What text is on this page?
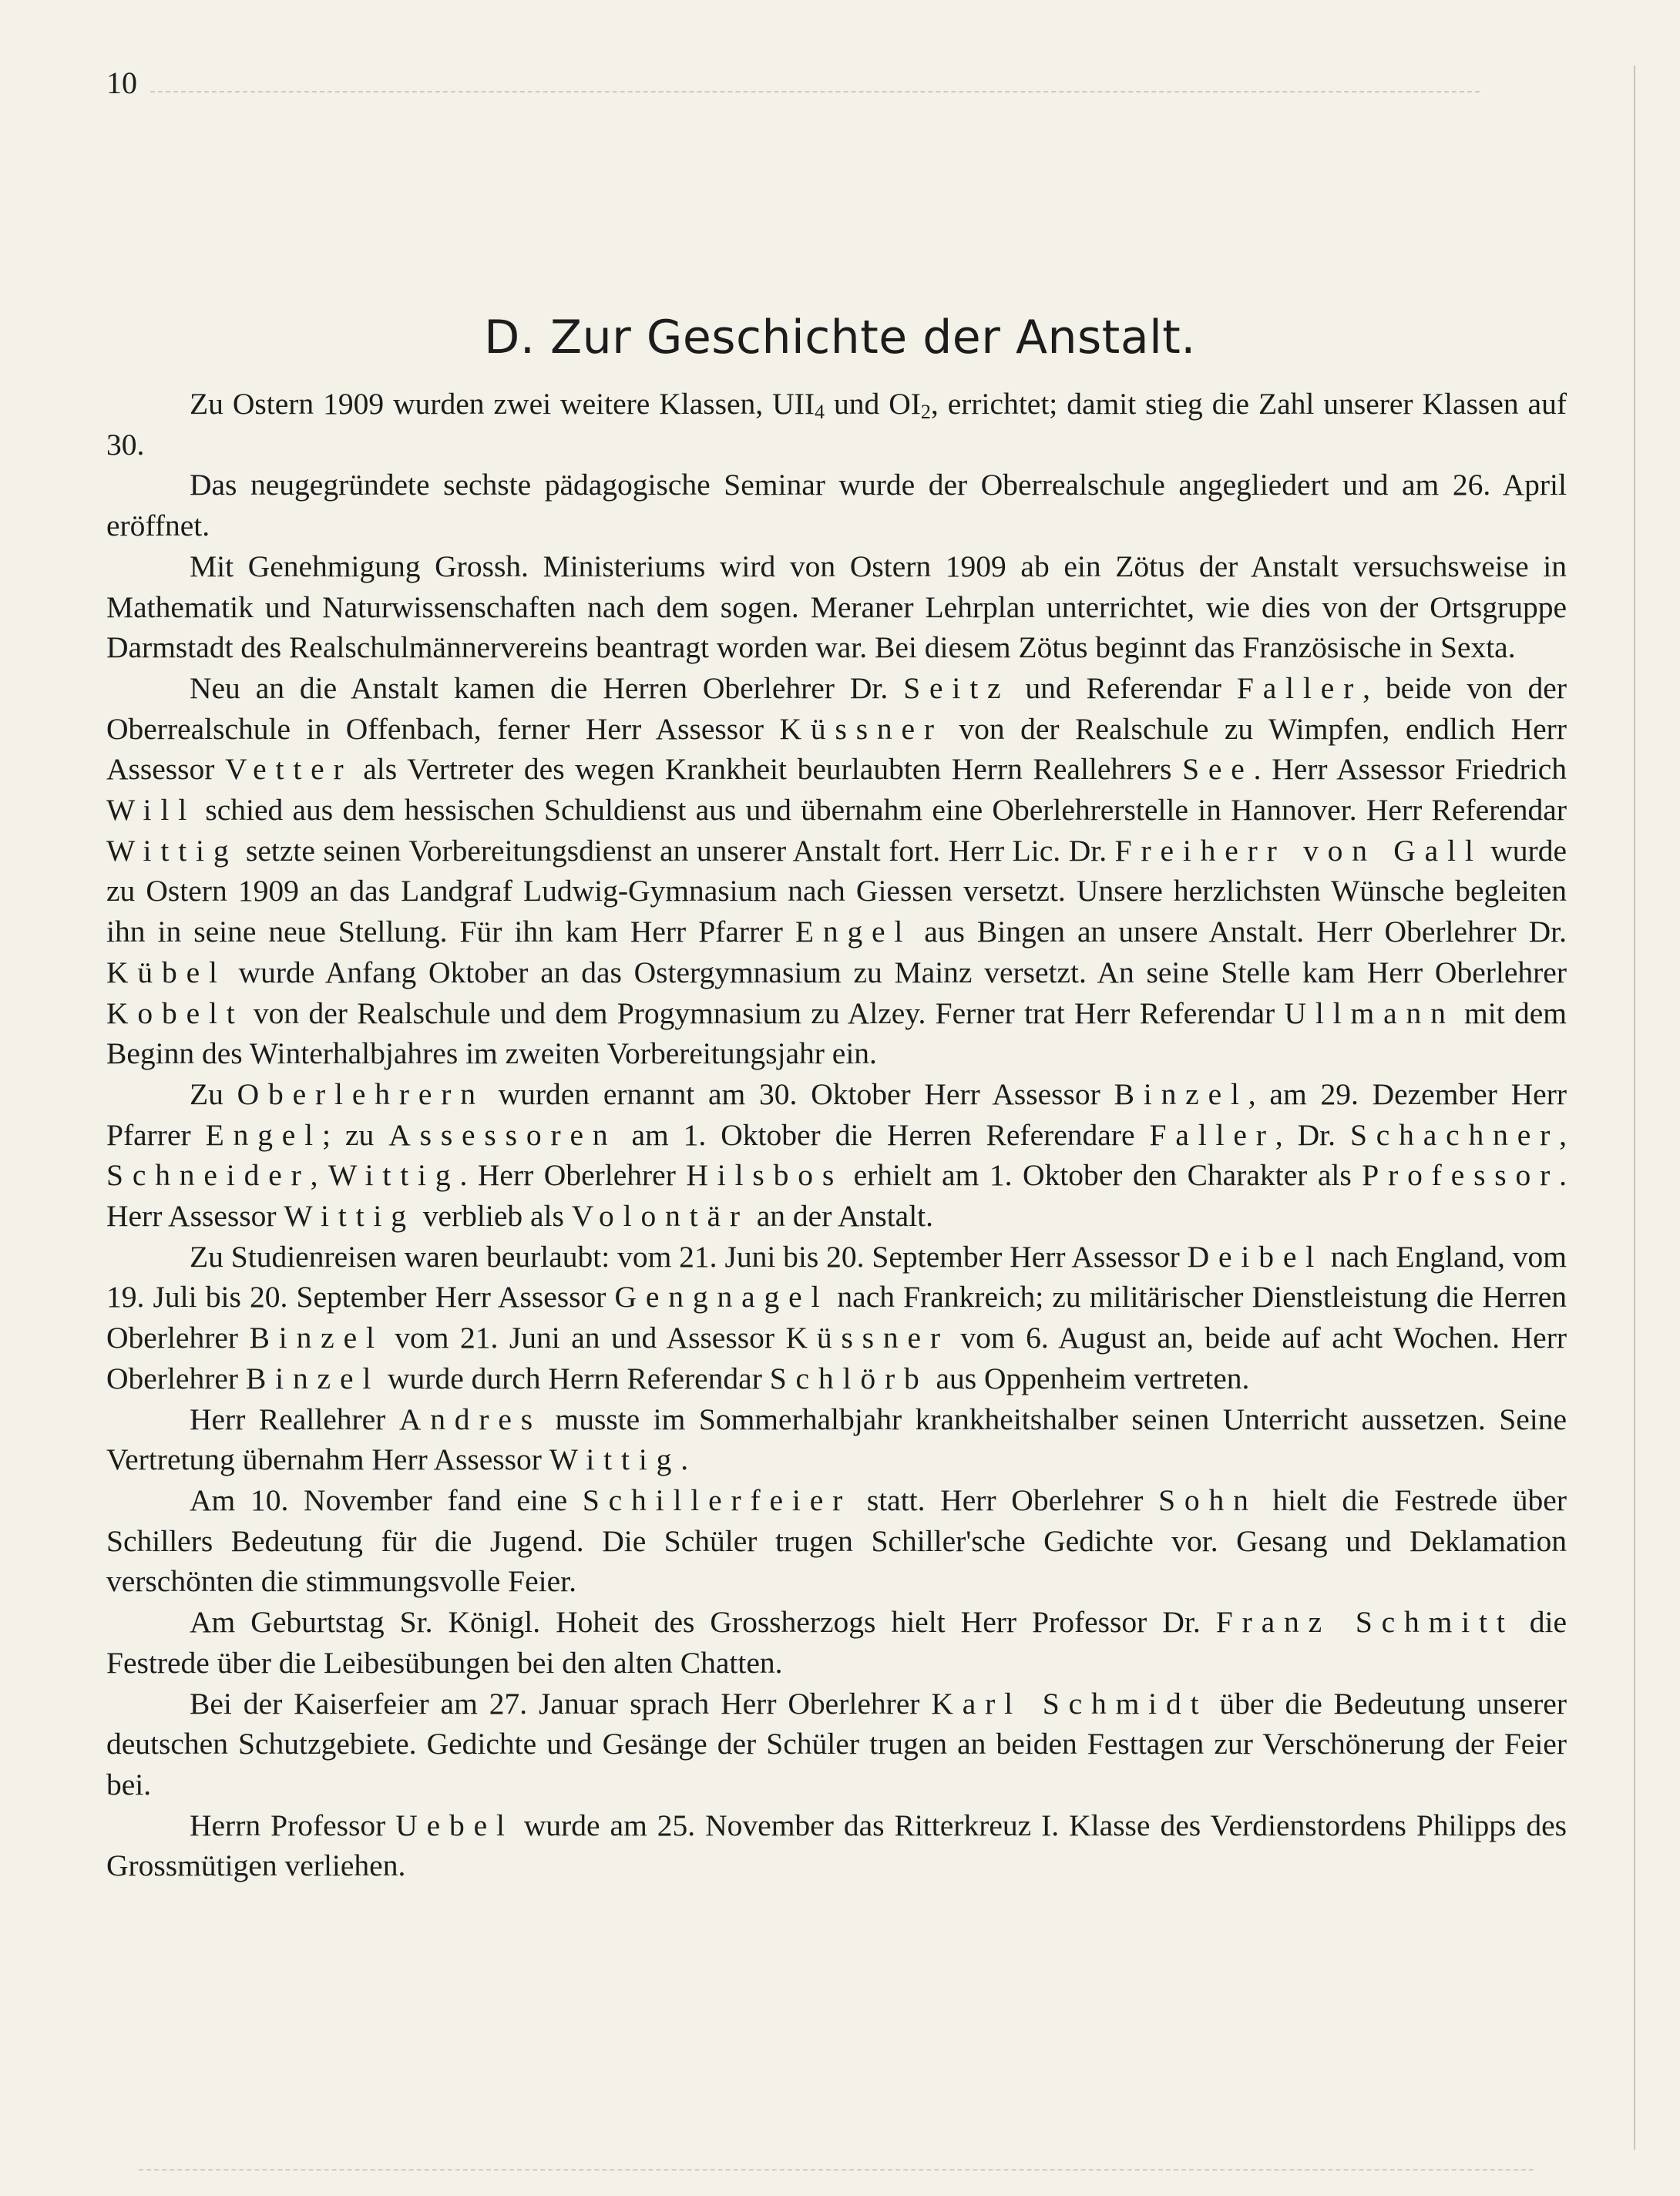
10
D. Zur Geschichte der Anstalt.

Zu Ostern 1909 wurden zwei weitere Klassen, $UII_4$ und $OI_2$, errichtet; damit stieg die Zahl unserer Klassen auf 30.

Das neugegründete sechste pädagogische Seminar wurde der Oberrealschule angegliedert und am 26. April eröffnet.

Mit Genehmigung Grossh. Ministeriums wird von Ostern 1909 ab ein Zötus der Anstalt versuchsweise in Mathematik und Naturwissenschaften nach dem sogen. Meraner Lehrplan unterrichtet, wie dies von der Ortsgruppe Darmstadt des Realschulmännervereins beantragt worden war. Bei diesem Zötus beginnt das Französische in Sexta.

Neu an die Anstalt kamen die Herren Oberlehrer Dr. Seitz und Referendar Faller, beide von der Oberrealschule in Offenbach, ferner Herr Assessor Küssner von der Realschule zu Wimpfen, endlich Herr Assessor Vetter als Vertreter des wegen Krankheit beurlaubten Herrn Reallehrers See. Herr Assessor Friedrich Will schied aus dem hessischen Schuldienst aus und übernahm eine Oberlehrerstelle in Hannover. Herr Referendar Wittig setzte seinen Vorbereitungsdienst an unserer Anstalt fort. Herr Lic. Dr. Freiherr von Gall wurde zu Ostern 1909 an das Landgraf Ludwig-Gymnasium nach Giessen versetzt. Unsere herzlichsten Wünsche begleiten ihn in seine neue Stellung. Für ihn kam Herr Pfarrer Engel aus Bingen an unsere Anstalt. Herr Oberlehrer Dr. Kübel wurde Anfang Oktober an das Ostergymnasium zu Mainz versetzt. An seine Stelle kam Herr Oberlehrer Kobelt von der Realschule und dem Progymnasium zu Alzey. Ferner trat Herr Referendar Ullmann mit dem Beginn des Winterhalbjahres im zweiten Vorbereitungsjahr ein.

Zu Oberlehrern wurden ernannt am 30. Oktober Herr Assessor Binzel, am 29. Dezember Herr Pfarrer Engel; zu Assessoren am 1. Oktober die Herren Referendare Faller, Dr. Schachner, Schneider, Wittig. Herr Oberlehrer Hilsbos erhielt am 1. Oktober den Charakter als Professor. Herr Assessor Wittig verblieb als Volontär an der Anstalt.

Zu Studienreisen waren beurlaubt: vom 21. Juni bis 20. September Herr Assessor Deibel nach England, vom 19. Juli bis 20. September Herr Assessor Gengnagel nach Frankreich; zu militärischer Dienstleistung die Herren Oberlehrer Binzel vom 21. Juni an und Assessor Küssner vom 6. August an, beide auf acht Wochen. Herr Oberlehrer Binzel wurde durch Herrn Referendar Schlörb aus Oppenheim vertreten.

Herr Reallehrer Andres musste im Sommerhalbjahr krankheitshalber seinen Unterricht aussetzen. Seine Vertretung übernahm Herr Assessor Wittig.

Am 10. November fand eine Schillerfeier statt. Herr Oberlehrer Sohn hielt die Festrede über Schillers Bedeutung für die Jugend. Die Schüler trugen Schiller'sche Gedichte vor. Gesang und Deklamation verschönten die stimmungsvolle Feier.

Am Geburtstag Sr. Königl. Hoheit des Grossherzogs hielt Herr Professor Dr. Franz Schmitt die Festrede über die Leibesübungen bei den alten Chatten.

Bei der Kaiserfeier am 27. Januar sprach Herr Oberlehrer Karl Schmidt über die Bedeutung unserer deutschen Schutzgebiete. Gedichte und Gesänge der Schüler trugen an beiden Festtagen zur Verschönerung der Feier bei.

Herrn Professor Uebel wurde am 25. November das Ritterkreuz I. Klasse des Verdienstordens Philipps des Grossmütigen verliehen.
